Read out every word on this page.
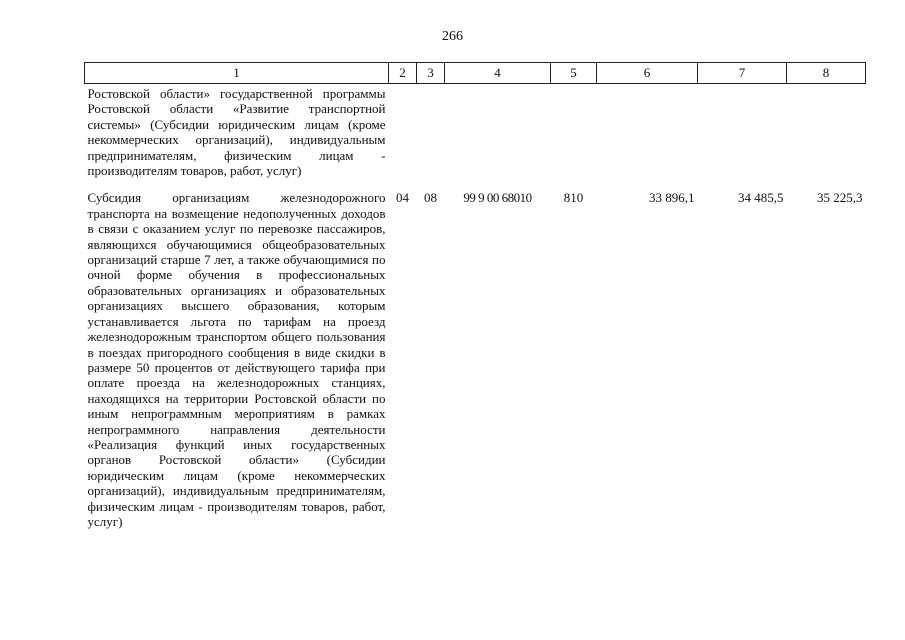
266
1	2	3	4	5	6	7	8
Ростовской области» государственной программы Ростовской области «Развитие транспортной системы» (Субсидии юридическим лицам (кроме некоммерческих организаций), индивидуальным предпринимателям, физическим лицам - производителям товаров, работ, услуг)							
Субсидия организациям железнодорожного транспорта на возмещение недополученных доходов в связи с оказанием услуг по перевозке пассажиров, являющихся обучающимися общеобразовательных организаций старше 7 лет, а также обучающимися по очной форме обучения в профессиональных образовательных организациях и образовательных организациях высшего образования, которым устанавливается льгота по тарифам на проезд железнодорожным транспортом общего пользования в поездах пригородного сообщения в виде скидки в размере 50 процентов от действующего тарифа при оплате проезда на железнодорожных станциях, находящихся на территории Ростовской области по иным непрограммным мероприятиям в рамках непрограммного направления деятельности «Реализация функций иных государственных органов Ростовской области» (Субсидии юридическим лицам (кроме некоммерческих организаций), индивидуальным предпринимателям, физическим лицам - производителям товаров, работ, услуг)	04	08	99 9 00 68010	810	33 896,1	34 485,5	35 225,3
